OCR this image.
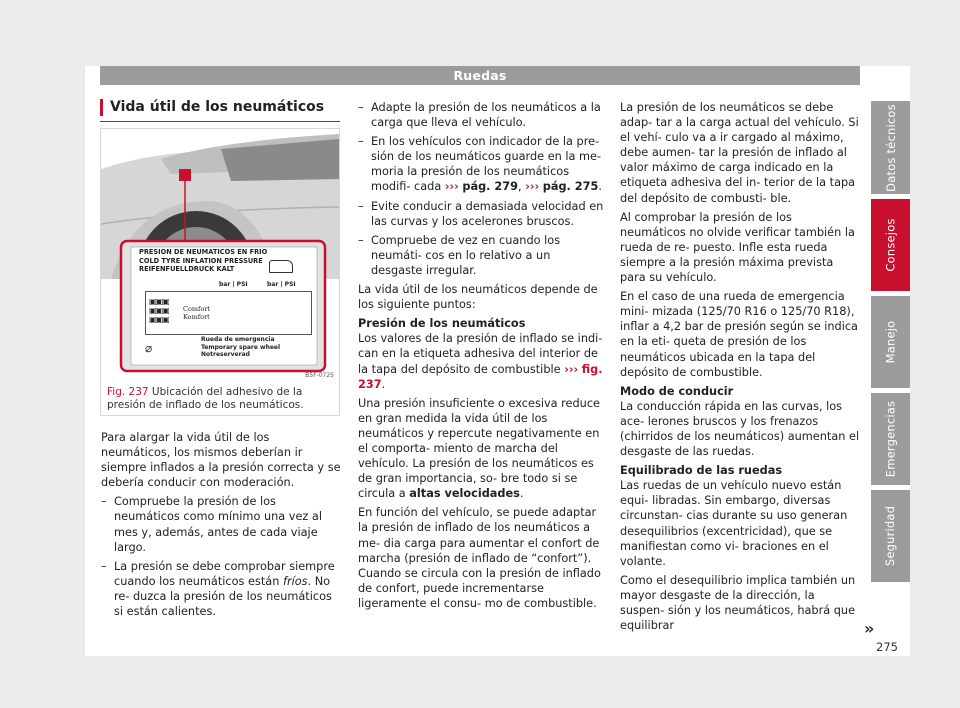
Ruedas
Vida útil de los neumáticos
PRESION DE NEUMATICOS EN FRIO
COLD TYRE INFLATION PRESSURE
REIFENFUELLDRUCK KALT
bar | PSI	bar | PSI
▣▣▣
▣▣▣
▣▣▣
Comfort
Komfort
⌀
Rueda de emergencia
Temporary spare wheel
Notreserverad
B5F-0725
Fig. 237 Ubicación del adhesivo de la presión de inflado de los neumáticos.

Para alargar la vida útil de los neumáticos, los mismos deberían ir siempre inflados a la presión correcta y se debería conducir con moderación.

– Compruebe la presión de los neumáticos como mínimo una vez al mes y, además, antes de cada viaje largo.
– La presión se debe comprobar siempre cuando los neumáticos están fríos. No re- duzca la presión de los neumáticos si están calientes.
– Adapte la presión de los neumáticos a la carga que lleva el vehículo.
– En los vehículos con indicador de la pre- sión de los neumáticos guarde en la me- moria la presión de los neumáticos modifi- cada ››› pág. 279, ››› pág. 275.
– Evite conducir a demasiada velocidad en las curvas y los acelerones bruscos.
– Compruebe de vez en cuando los neumáti- cos en lo relativo a un desgaste irregular.

La vida útil de los neumáticos depende de los siguiente puntos:

Presión de los neumáticos

Los valores de la presión de inflado se indi- can en la etiqueta adhesiva del interior de la tapa del depósito de combustible ››› fig. 237.

Una presión insuficiente o excesiva reduce en gran medida la vida útil de los neumáticos y repercute negativamente en el comporta- miento de marcha del vehículo. La presión de los neumáticos es de gran importancia, so- bre todo si se circula a altas velocidades.

En función del vehículo, se puede adaptar la presión de inflado de los neumáticos a me- dia carga para aumentar el confort de marcha (presión de inflado de “confort”). Cuando se circula con la presión de inflado de confort, puede incrementarse ligeramente el consu- mo de combustible.

La presión de los neumáticos se debe adap- tar a la carga actual del vehículo. Si el vehí- culo va a ir cargado al máximo, debe aumen- tar la presión de inflado al valor máximo de carga indicado en la etiqueta adhesiva del in- terior de la tapa del depósito de combusti- ble.

Al comprobar la presión de los neumáticos no olvide verificar también la rueda de re- puesto. Infle esta rueda siempre a la presión máxima prevista para su vehículo.

En el caso de una rueda de emergencia mini- mizada (125/70 R16 o 125/70 R18), inflar a 4,2 bar de presión según se indica en la eti- queta de presión de los neumáticos ubicada en la tapa del depósito de combustible.

Modo de conducir

La conducción rápida en las curvas, los ace- lerones bruscos y los frenazos (chirridos de los neumáticos) aumentan el desgaste de las ruedas.

Equilibrado de las ruedas

Las ruedas de un vehículo nuevo están equi- libradas. Sin embargo, diversas circunstan- cias durante su uso generan desequilibrios (excentricidad), que se manifiestan como vi- braciones en el volante.

Como el desequilibrio implica también un mayor desgaste de la dirección, la suspen- sión y los neumáticos, habrá que equilibrar	»
Datos técnicos
Consejos
Manejo
Emergencias
Seguridad
275
